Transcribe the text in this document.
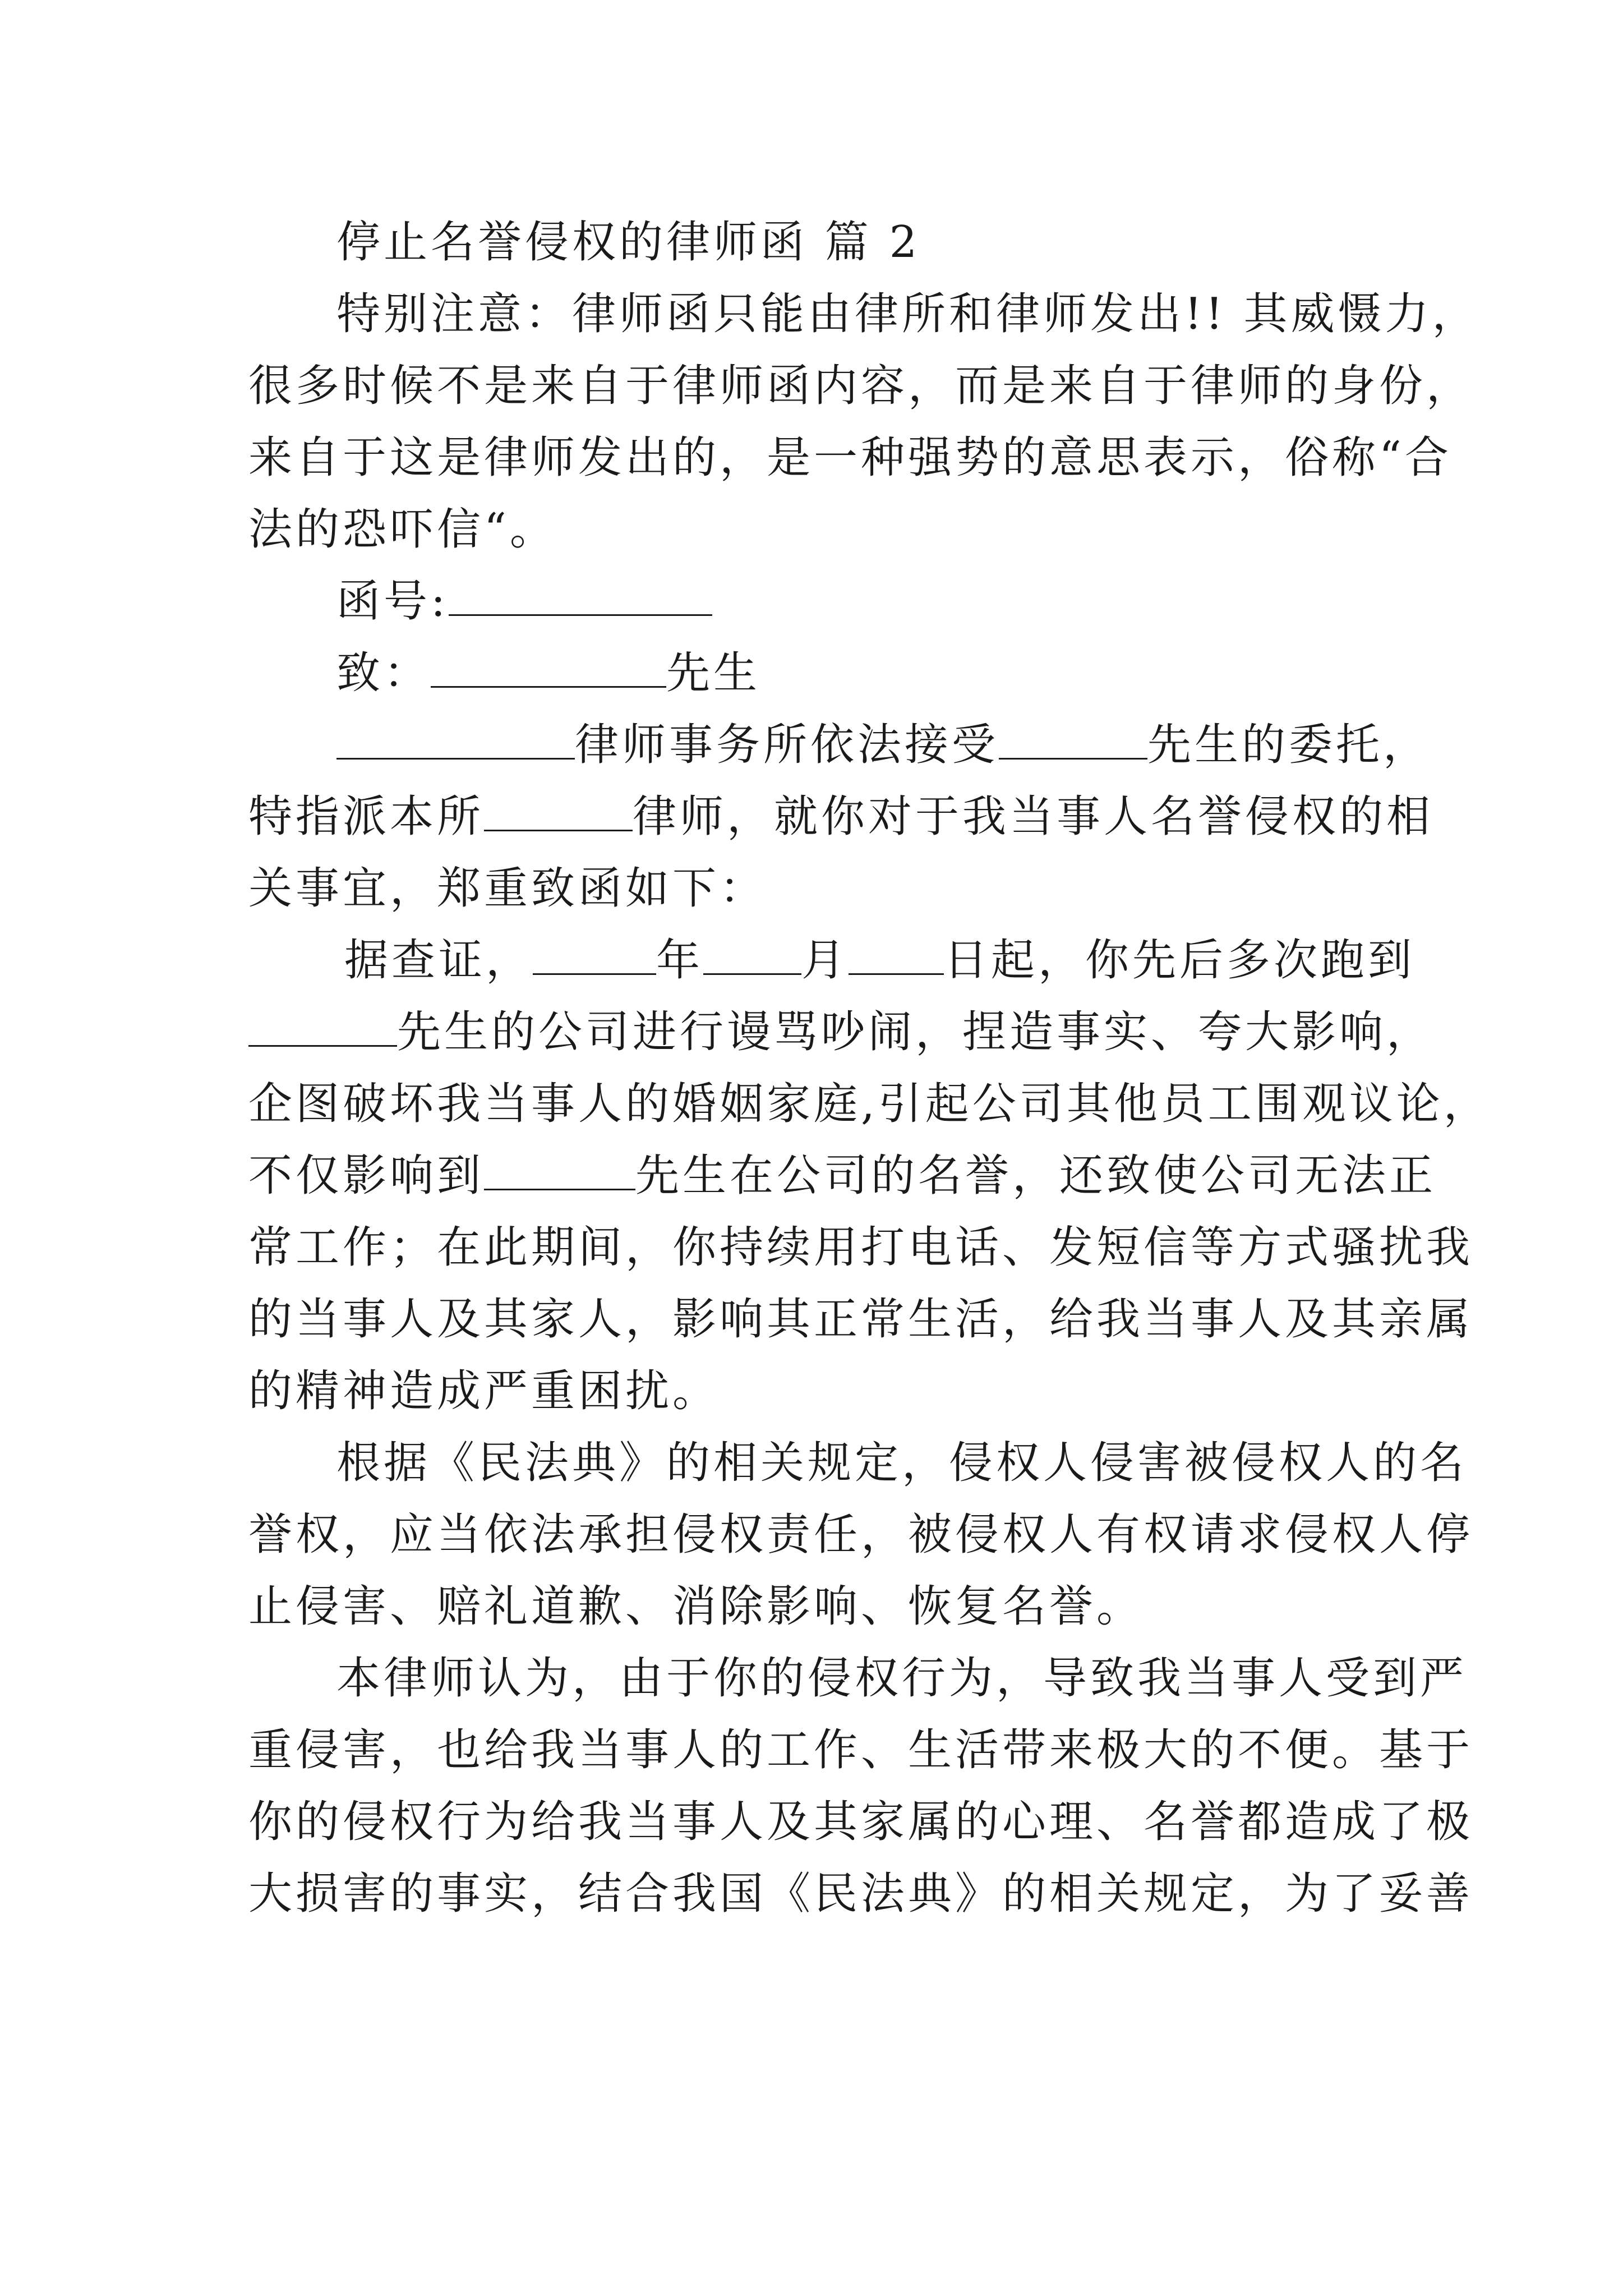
停止名誉侵权的律师函 篇 2
特别注意：律师函只能由律所和律师发出!! 其威慑力，
很多时候不是来自于律师函内容，而是来自于律师的身份，
来自于这是律师发出的，是一种强势的意思表示，俗称“合
法的恐吓信“。
函号:
致：	先生
律师事务所依法接受	先生的委托，
特指派本所	律师，就你对于我当事人名誉侵权的相
关事宜，郑重致函如下：
据查证，	年 月 日起，你先后多次跑到
先生的公司进行谩骂吵闹，捏造事实、夸大影响，
企图破坏我当事人的婚姻家庭,引起公司其他员工围观议论，
不仅影响到	先生在公司的名誉，还致使公司无法正
常工作；在此期间，你持续用打电话、发短信等方式骚扰我
的当事人及其家人，影响其正常生活，给我当事人及其亲属
的精神造成严重困扰。
根据《民法典》的相关规定，侵权人侵害被侵权人的名
誉权，应当依法承担侵权责任，被侵权人有权请求侵权人停
止侵害、赔礼道歉、消除影响、恢复名誉。
本律师认为，由于你的侵权行为，导致我当事人受到严
重侵害，也给我当事人的工作、生活带来极大的不便。基于
你的侵权行为给我当事人及其家属的心理、名誉都造成了极
大损害的事实，结合我国《民法典》的相关规定，为了妥善
